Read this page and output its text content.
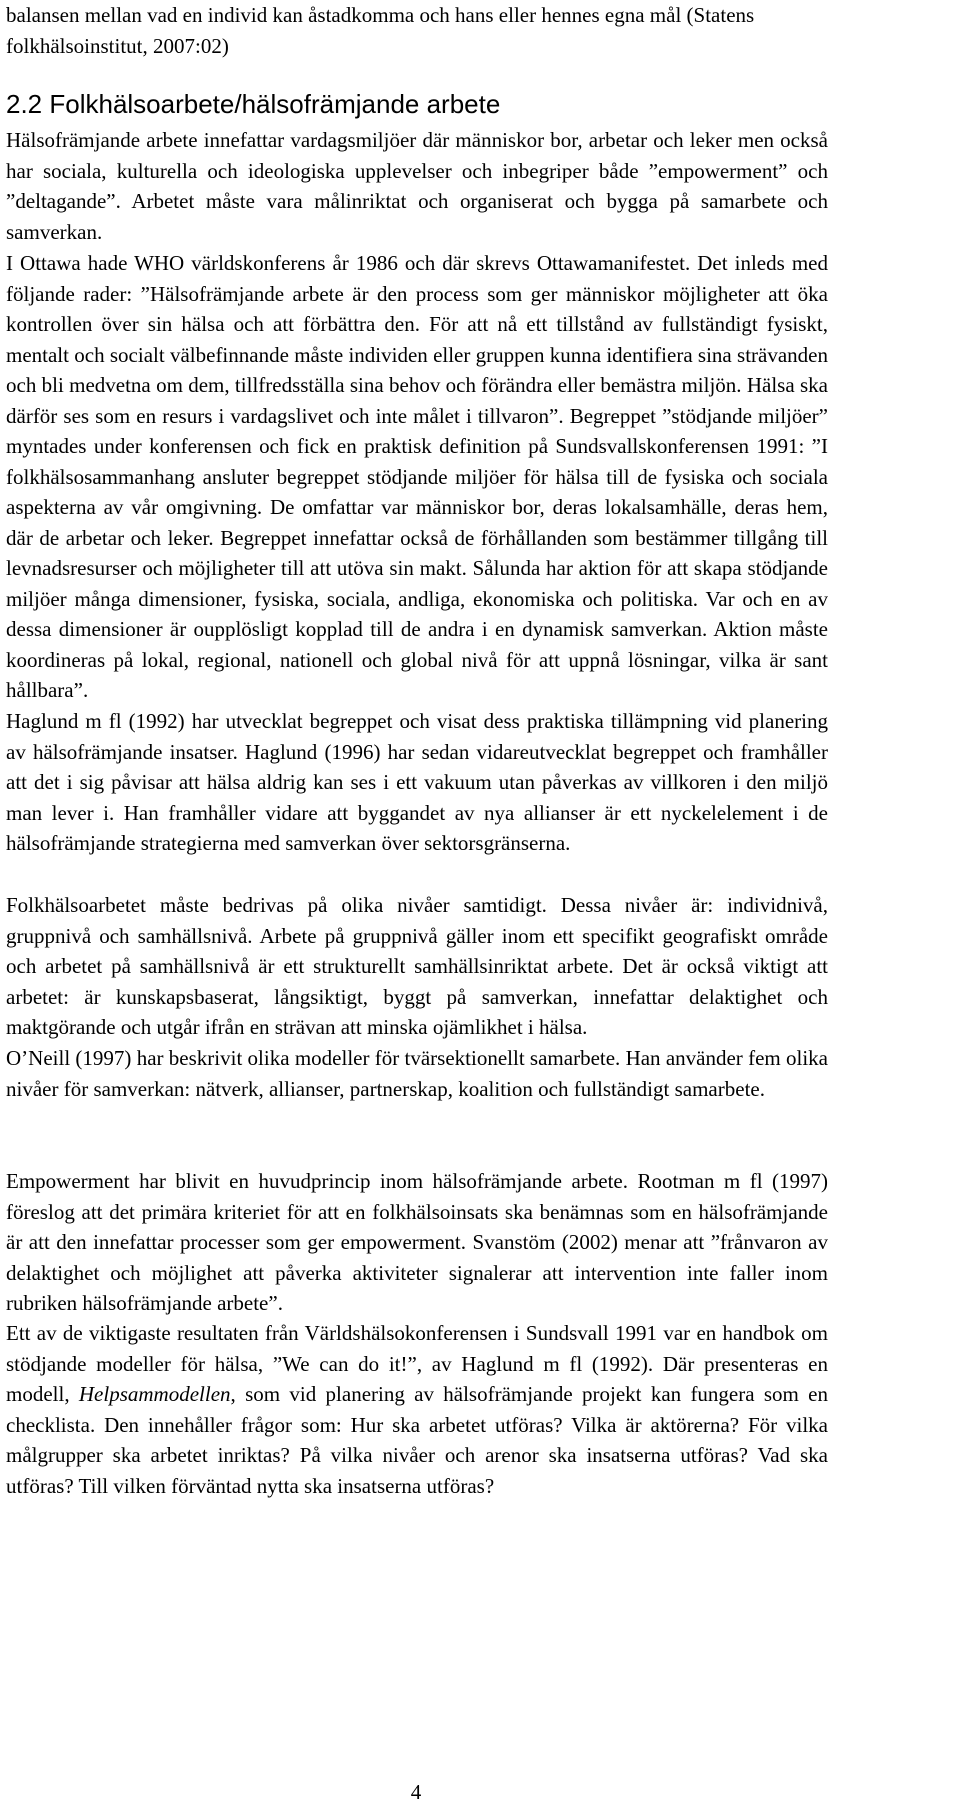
balansen mellan vad en individ kan åstadkomma och hans eller hennes egna mål (Statens folkhälsoinstitut, 2007:02)

2.2 Folkhälsoarbete/hälsofrämjande arbete

Hälsofrämjande arbete innefattar vardagsmiljöer där människor bor, arbetar och leker men också har sociala, kulturella och ideologiska upplevelser och inbegriper både ”empowerment” och ”deltagande”. Arbetet måste vara målinriktat och organiserat och bygga på samarbete och samverkan.

I Ottawa hade WHO världskonferens år 1986 och där skrevs Ottawamanifestet. Det inleds med följande rader: ”Hälsofrämjande arbete är den process som ger människor möjligheter att öka kontrollen över sin hälsa och att förbättra den. För att nå ett tillstånd av fullständigt fysiskt, mentalt och socialt välbefinnande måste individen eller gruppen kunna identifiera sina strävanden och bli medvetna om dem, tillfredsställa sina behov och förändra eller bemästra miljön. Hälsa ska därför ses som en resurs i vardagslivet och inte målet i tillvaron”. Begreppet ”stödjande miljöer” myntades under konferensen och fick en praktisk definition på Sundsvallskonferensen 1991: ”I folkhälsosammanhang ansluter begreppet stödjande miljöer för hälsa till de fysiska och sociala aspekterna av vår omgivning. De omfattar var människor bor, deras lokalsamhälle, deras hem, där de arbetar och leker. Begreppet innefattar också de förhållanden som bestämmer tillgång till levnadsresurser och möjligheter till att utöva sin makt. Sålunda har aktion för att skapa stödjande miljöer många dimensioner, fysiska, sociala, andliga, ekonomiska och politiska. Var och en av dessa dimensioner är oupplösligt kopplad till de andra i en dynamisk samverkan. Aktion måste koordineras på lokal, regional, nationell och global nivå för att uppnå lösningar, vilka är sant hållbara”.

Haglund m fl (1992) har utvecklat begreppet och visat dess praktiska tillämpning vid planering av hälsofrämjande insatser. Haglund (1996) har sedan vidareutvecklat begreppet och framhåller att det i sig påvisar att hälsa aldrig kan ses i ett vakuum utan påverkas av villkoren i den miljö man lever i. Han framhåller vidare att byggandet av nya allianser är ett nyckelelement i de hälsofrämjande strategierna med samverkan över sektorsgränserna.

Folkhälsoarbetet måste bedrivas på olika nivåer samtidigt. Dessa nivåer är: individnivå, gruppnivå och samhällsnivå. Arbete på gruppnivå gäller inom ett specifikt geografiskt område och arbetet på samhällsnivå är ett strukturellt samhällsinriktat arbete. Det är också viktigt att arbetet: är kunskapsbaserat, långsiktigt, byggt på samverkan, innefattar delaktighet och maktgörande och utgår ifrån en strävan att minska ojämlikhet i hälsa.

O’Neill (1997) har beskrivit olika modeller för tvärsektionellt samarbete. Han använder fem olika nivåer för samverkan: nätverk, allianser, partnerskap, koalition och fullständigt samarbete.

Empowerment har blivit en huvudprincip inom hälsofrämjande arbete. Rootman m fl (1997) föreslog att det primära kriteriet för att en folkhälsoinsats ska benämnas som en hälsofrämjande är att den innefattar processer som ger empowerment. Svanstöm (2002) menar att ”frånvaron av delaktighet och möjlighet att påverka aktiviteter signalerar att intervention inte faller inom rubriken hälsofrämjande arbete”.

Ett av de viktigaste resultaten från Världshälsokonferensen i Sundsvall 1991 var en handbok om stödjande modeller för hälsa, ”We can do it!”, av Haglund m fl (1992). Där presenteras en modell, Helpsammodellen, som vid planering av hälsofrämjande projekt kan fungera som en checklista. Den innehåller frågor som: Hur ska arbetet utföras? Vilka är aktörerna? För vilka målgrupper ska arbetet inriktas? På vilka nivåer och arenor ska insatserna utföras? Vad ska utföras? Till vilken förväntad nytta ska insatserna utföras?

4
